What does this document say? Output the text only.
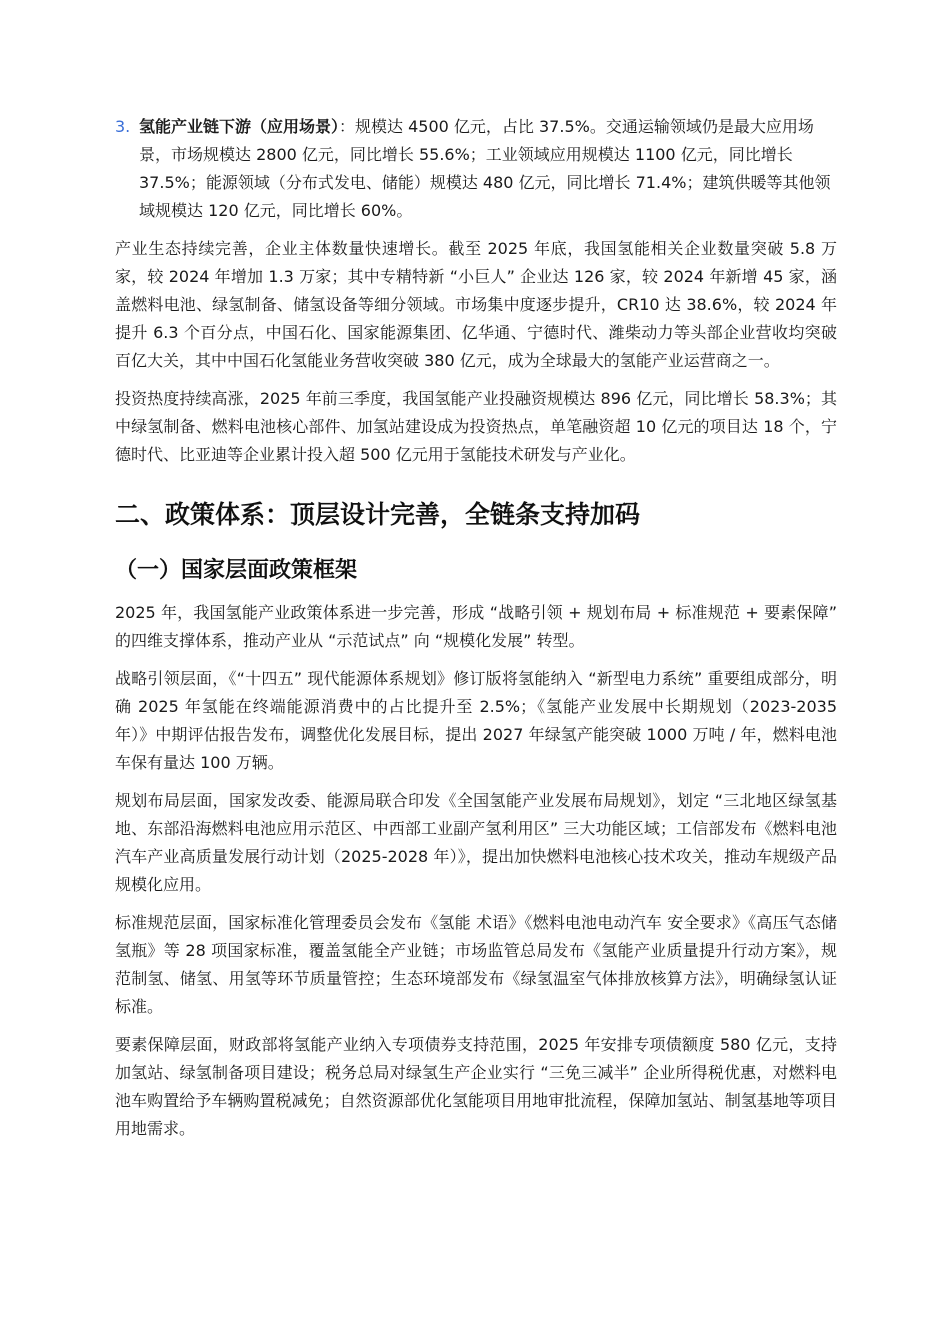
3. 氢能产业链下游（应用场景）：规模达 4500 亿元，占比 37.5%。交通运输领域仍是最大应用场景，市场规模达 2800 亿元，同比增长 55.6%；工业领域应用规模达 1100 亿元，同比增长 37.5%；能源领域（分布式发电、储能）规模达 480 亿元，同比增长 71.4%；建筑供暖等其他领域规模达 120 亿元，同比增长 60%。

产业生态持续完善，企业主体数量快速增长。截至 2025 年底，我国氢能相关企业数量突破 5.8 万家，较 2024 年增加 1.3 万家；其中专精特新 “小巨人” 企业达 126 家，较 2024 年新增 45 家，涵盖燃料电池、绿氢制备、储氢设备等细分领域。市场集中度逐步提升，CR10 达 38.6%，较 2024 年提升 6.3 个百分点，中国石化、国家能源集团、亿华通、宁德时代、潍柴动力等头部企业营收均突破百亿大关，其中中国石化氢能业务营收突破 380 亿元，成为全球最大的氢能产业运营商之一。

投资热度持续高涨，2025 年前三季度，我国氢能产业投融资规模达 896 亿元，同比增长 58.3%；其中绿氢制备、燃料电池核心部件、加氢站建设成为投资热点，单笔融资超 10 亿元的项目达 18 个，宁德时代、比亚迪等企业累计投入超 500 亿元用于氢能技术研发与产业化。

二、政策体系：顶层设计完善，全链条支持加码
（一）国家层面政策框架

2025 年，我国氢能产业政策体系进一步完善，形成 “战略引领 + 规划布局 + 标准规范 + 要素保障” 的四维支撑体系，推动产业从 “示范试点” 向 “规模化发展” 转型。

战略引领层面，《“十四五” 现代能源体系规划》修订版将氢能纳入 “新型电力系统” 重要组成部分，明确 2025 年氢能在终端能源消费中的占比提升至 2.5%；《氢能产业发展中长期规划（2023-2035 年）》中期评估报告发布，调整优化发展目标，提出 2027 年绿氢产能突破 1000 万吨 / 年，燃料电池车保有量达 100 万辆。

规划布局层面，国家发改委、能源局联合印发《全国氢能产业发展布局规划》，划定 “三北地区绿氢基地、东部沿海燃料电池应用示范区、中西部工业副产氢利用区” 三大功能区域；工信部发布《燃料电池汽车产业高质量发展行动计划（2025-2028 年）》，提出加快燃料电池核心技术攻关，推动车规级产品规模化应用。

标准规范层面，国家标准化管理委员会发布《氢能 术语》《燃料电池电动汽车 安全要求》《高压气态储氢瓶》等 28 项国家标准，覆盖氢能全产业链；市场监管总局发布《氢能产业质量提升行动方案》，规范制氢、储氢、用氢等环节质量管控；生态环境部发布《绿氢温室气体排放核算方法》，明确绿氢认证标准。

要素保障层面，财政部将氢能产业纳入专项债券支持范围，2025 年安排专项债额度 580 亿元，支持加氢站、绿氢制备项目建设；税务总局对绿氢生产企业实行 “三免三减半” 企业所得税优惠，对燃料电池车购置给予车辆购置税减免；自然资源部优化氢能项目用地审批流程，保障加氢站、制氢基地等项目用地需求。
